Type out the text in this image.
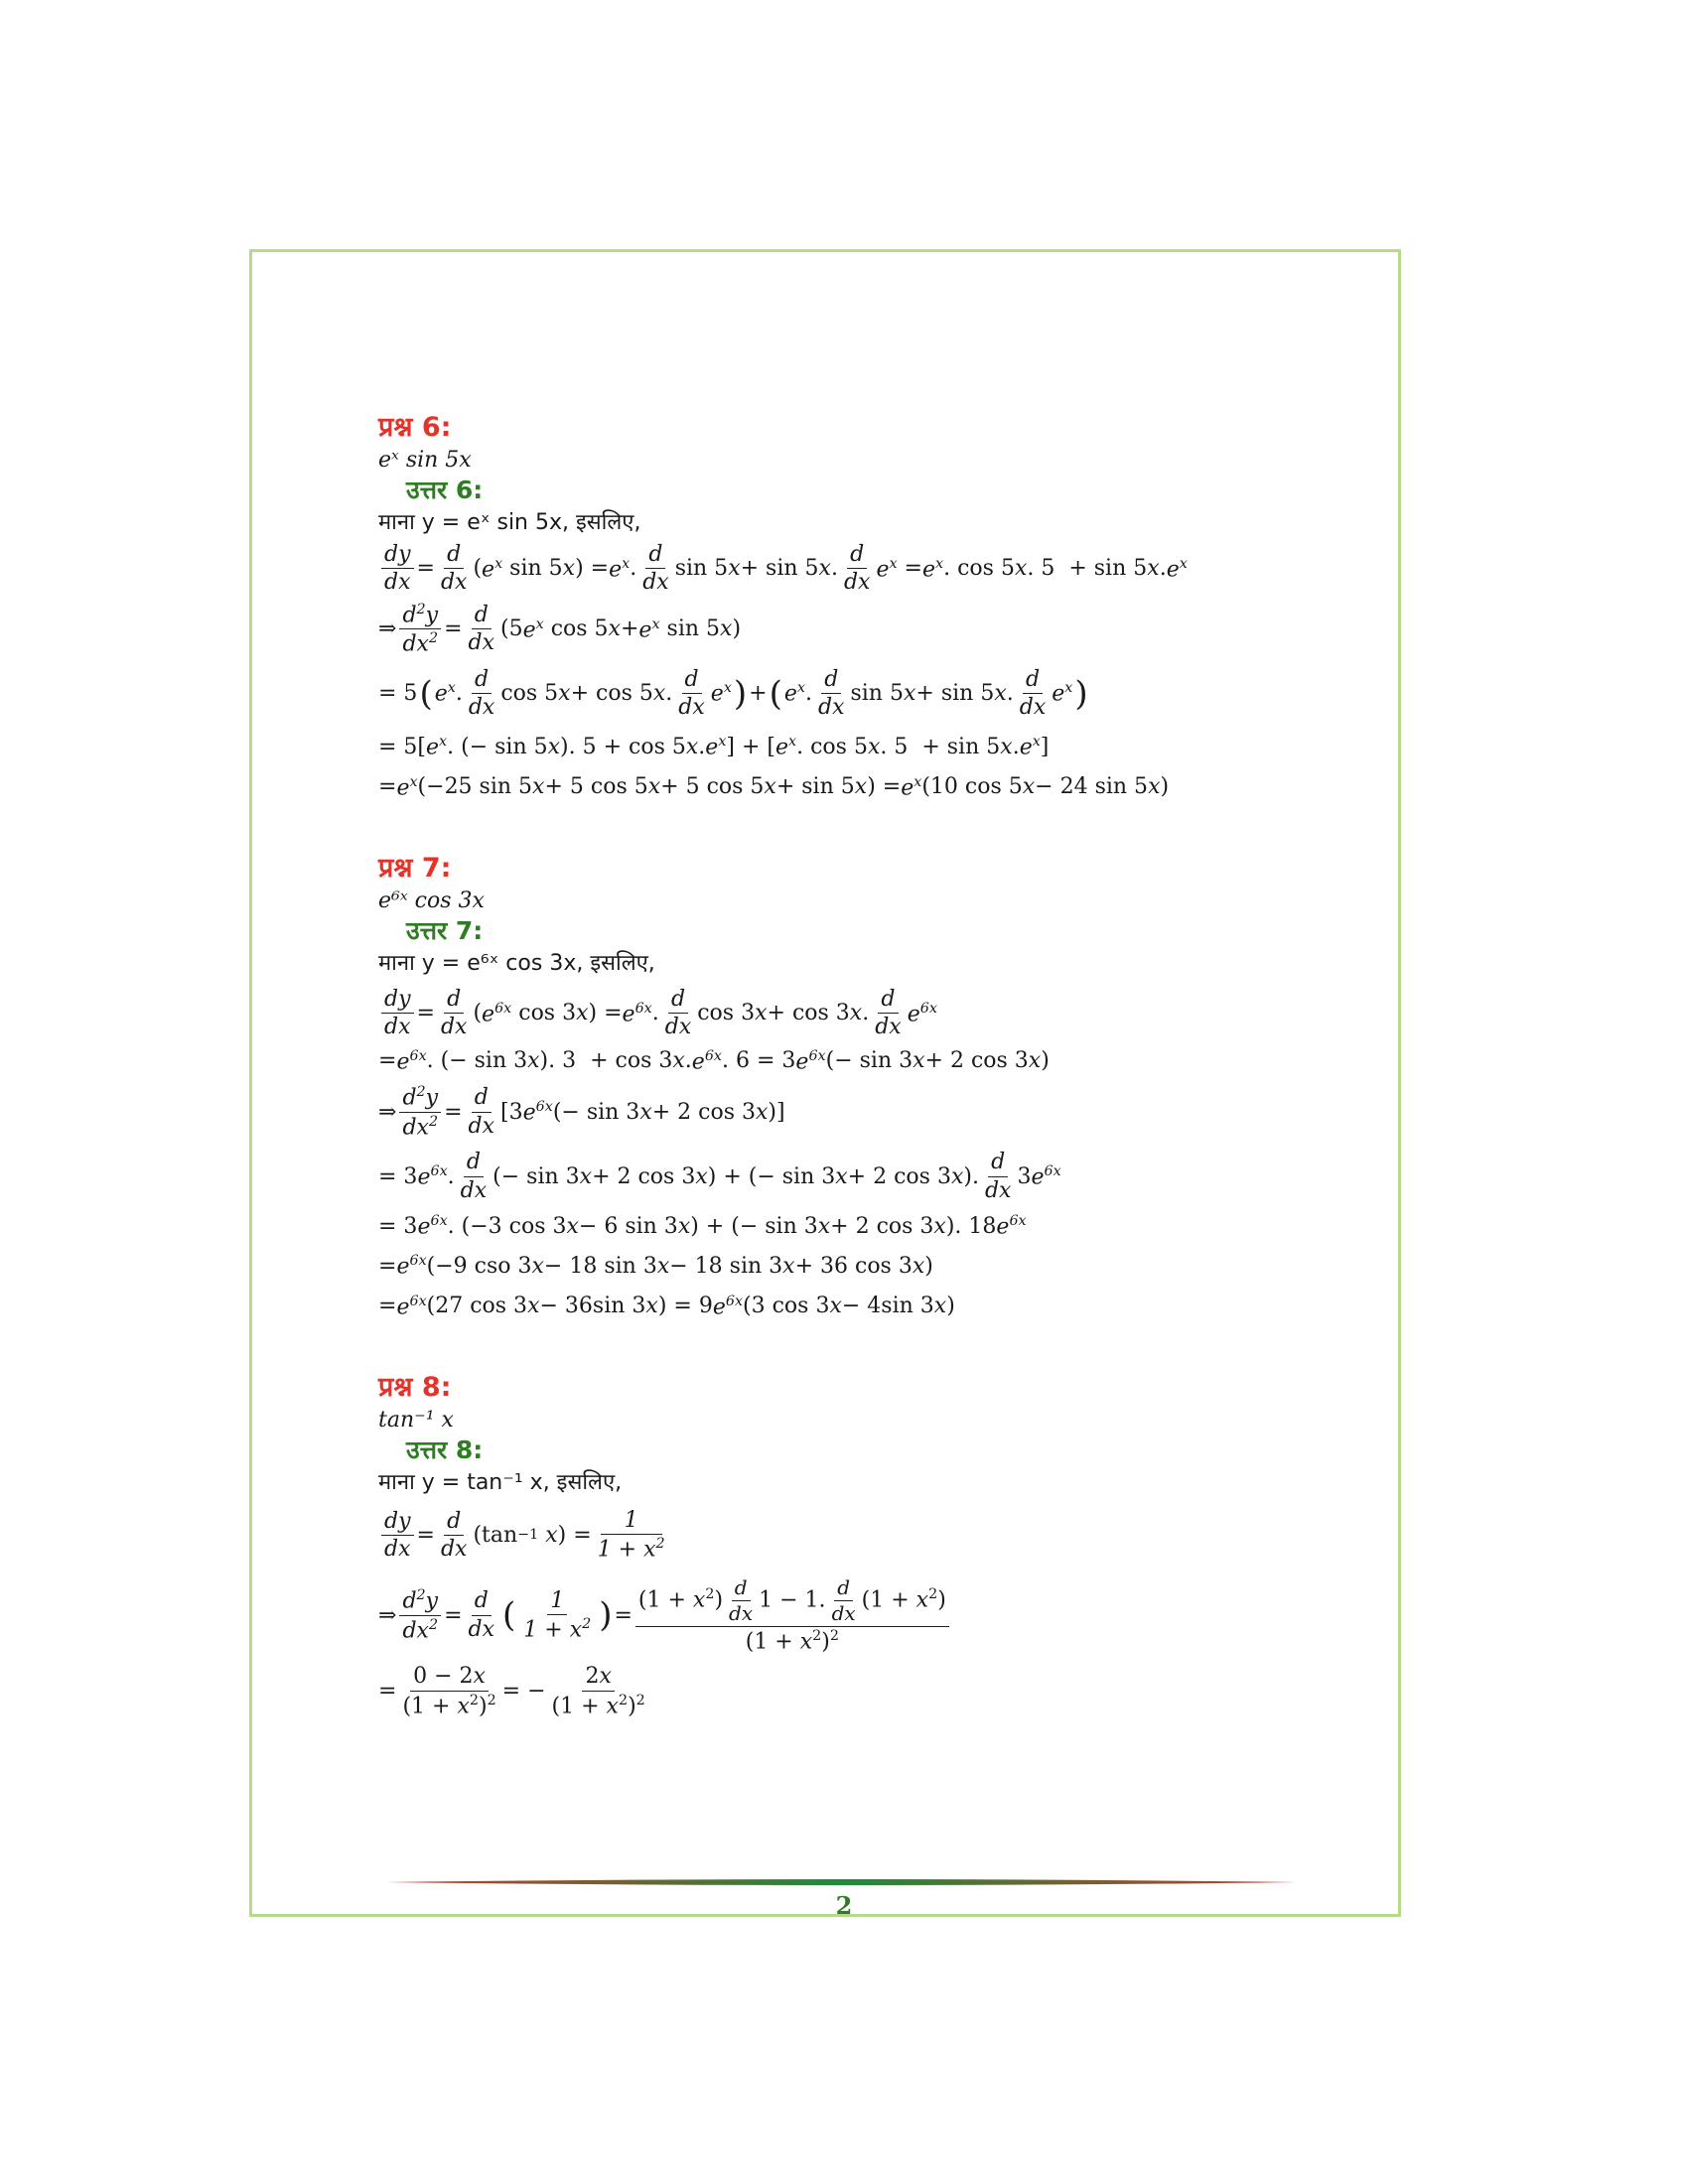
प्रश्न 6:
eˣ sin 5x
उत्तर 6:
माना y = eˣ sin 5x, इसलिए,
dy
dx
=
d
dx
( $e^x$ sin 5 x ) = $e^x$ .
d
dx
sin 5 x + sin 5 x .
d
dx
$e^x = e^x$ . cos 5 x . 5  + sin 5 x . $e^x$
⇒
$d^2y$
$dx^2$ =
d
dx
(5 $e^x$ cos 5 $x + e^x$ sin 5 x )
= 5 ( $e^x$ .
d
dx
cos 5 x + cos 5 x .
d
dx
$e^x$ ) + ( $e^x$ .
d
dx
sin 5 x + sin 5 x .
d
dx
$e^x$ )
= 5[ $e^x$ . (− sin 5 x ). 5 + cos 5 x . $e^x$ ] + [ $e^x$ . cos 5 x . 5  + sin 5 x . $e^x$ ]
= $e^x$ (−25 sin 5 x + 5 cos 5 x + 5 cos 5 x + sin 5 x ) = $e^x$ (10 cos 5 x − 24 sin 5 x )
प्रश्न 7:
e⁶ˣ cos 3x
उत्तर 7:
माना y = e⁶ˣ cos 3x, इसलिए,
dy
dx
=
d
dx
( $e^{6x}$ cos 3 x ) = $e^{6x}$ .
d
dx
cos 3 x + cos 3 x .
d
dx
$e^{6x}$
= $e^{6x}$ . (− sin 3 x ). 3  + cos 3 x . $e^{6x}$ . 6 = 3 $e^{6x}$ (− sin 3 x + 2 cos 3 x )
⇒
$d^2y$
$dx^2$ =
d
dx
[3 $e^{6x}$ (− sin 3 x + 2 cos 3 x )]
= 3 $e^{6x}$ .
d
dx
(− sin 3 x + 2 cos 3 x ) + (− sin 3 x + 2 cos 3 x ).
d
dx
3 $e^{6x}$
= 3 $e^{6x}$ . (−3 cos 3 x − 6 sin 3 x ) + (− sin 3 x + 2 cos 3 x ). 18 $e^{6x}$
= $e^{6x}$ (−9 cso 3 x − 18 sin 3 x − 18 sin 3 x + 36 cos 3 x )
= $e^{6x}$ (27 cos 3 x − 36sin 3 x ) = 9 $e^{6x}$ (3 cos 3 x − 4sin 3 x )
प्रश्न 8:
tan⁻¹ x
उत्तर 8:
माना y = tan⁻¹ x, इसलिए,
dy
dx
=
d
dx
(tan −1
x ) =
1
$1 + x^2$
⇒
$d^2y$
$dx^2$ =
d
dx ( 1
$1 + x^2$ ) =
$(1 + x^2) \frac{d}{dx} 1 - 1$. $\frac{d}{dx} (1 + x^2)$
$(1 + x^2)^2$
=
0 − 2x
$(1 + x^2)^2$ = −
2x
$(1 + x^2)^2$
2
